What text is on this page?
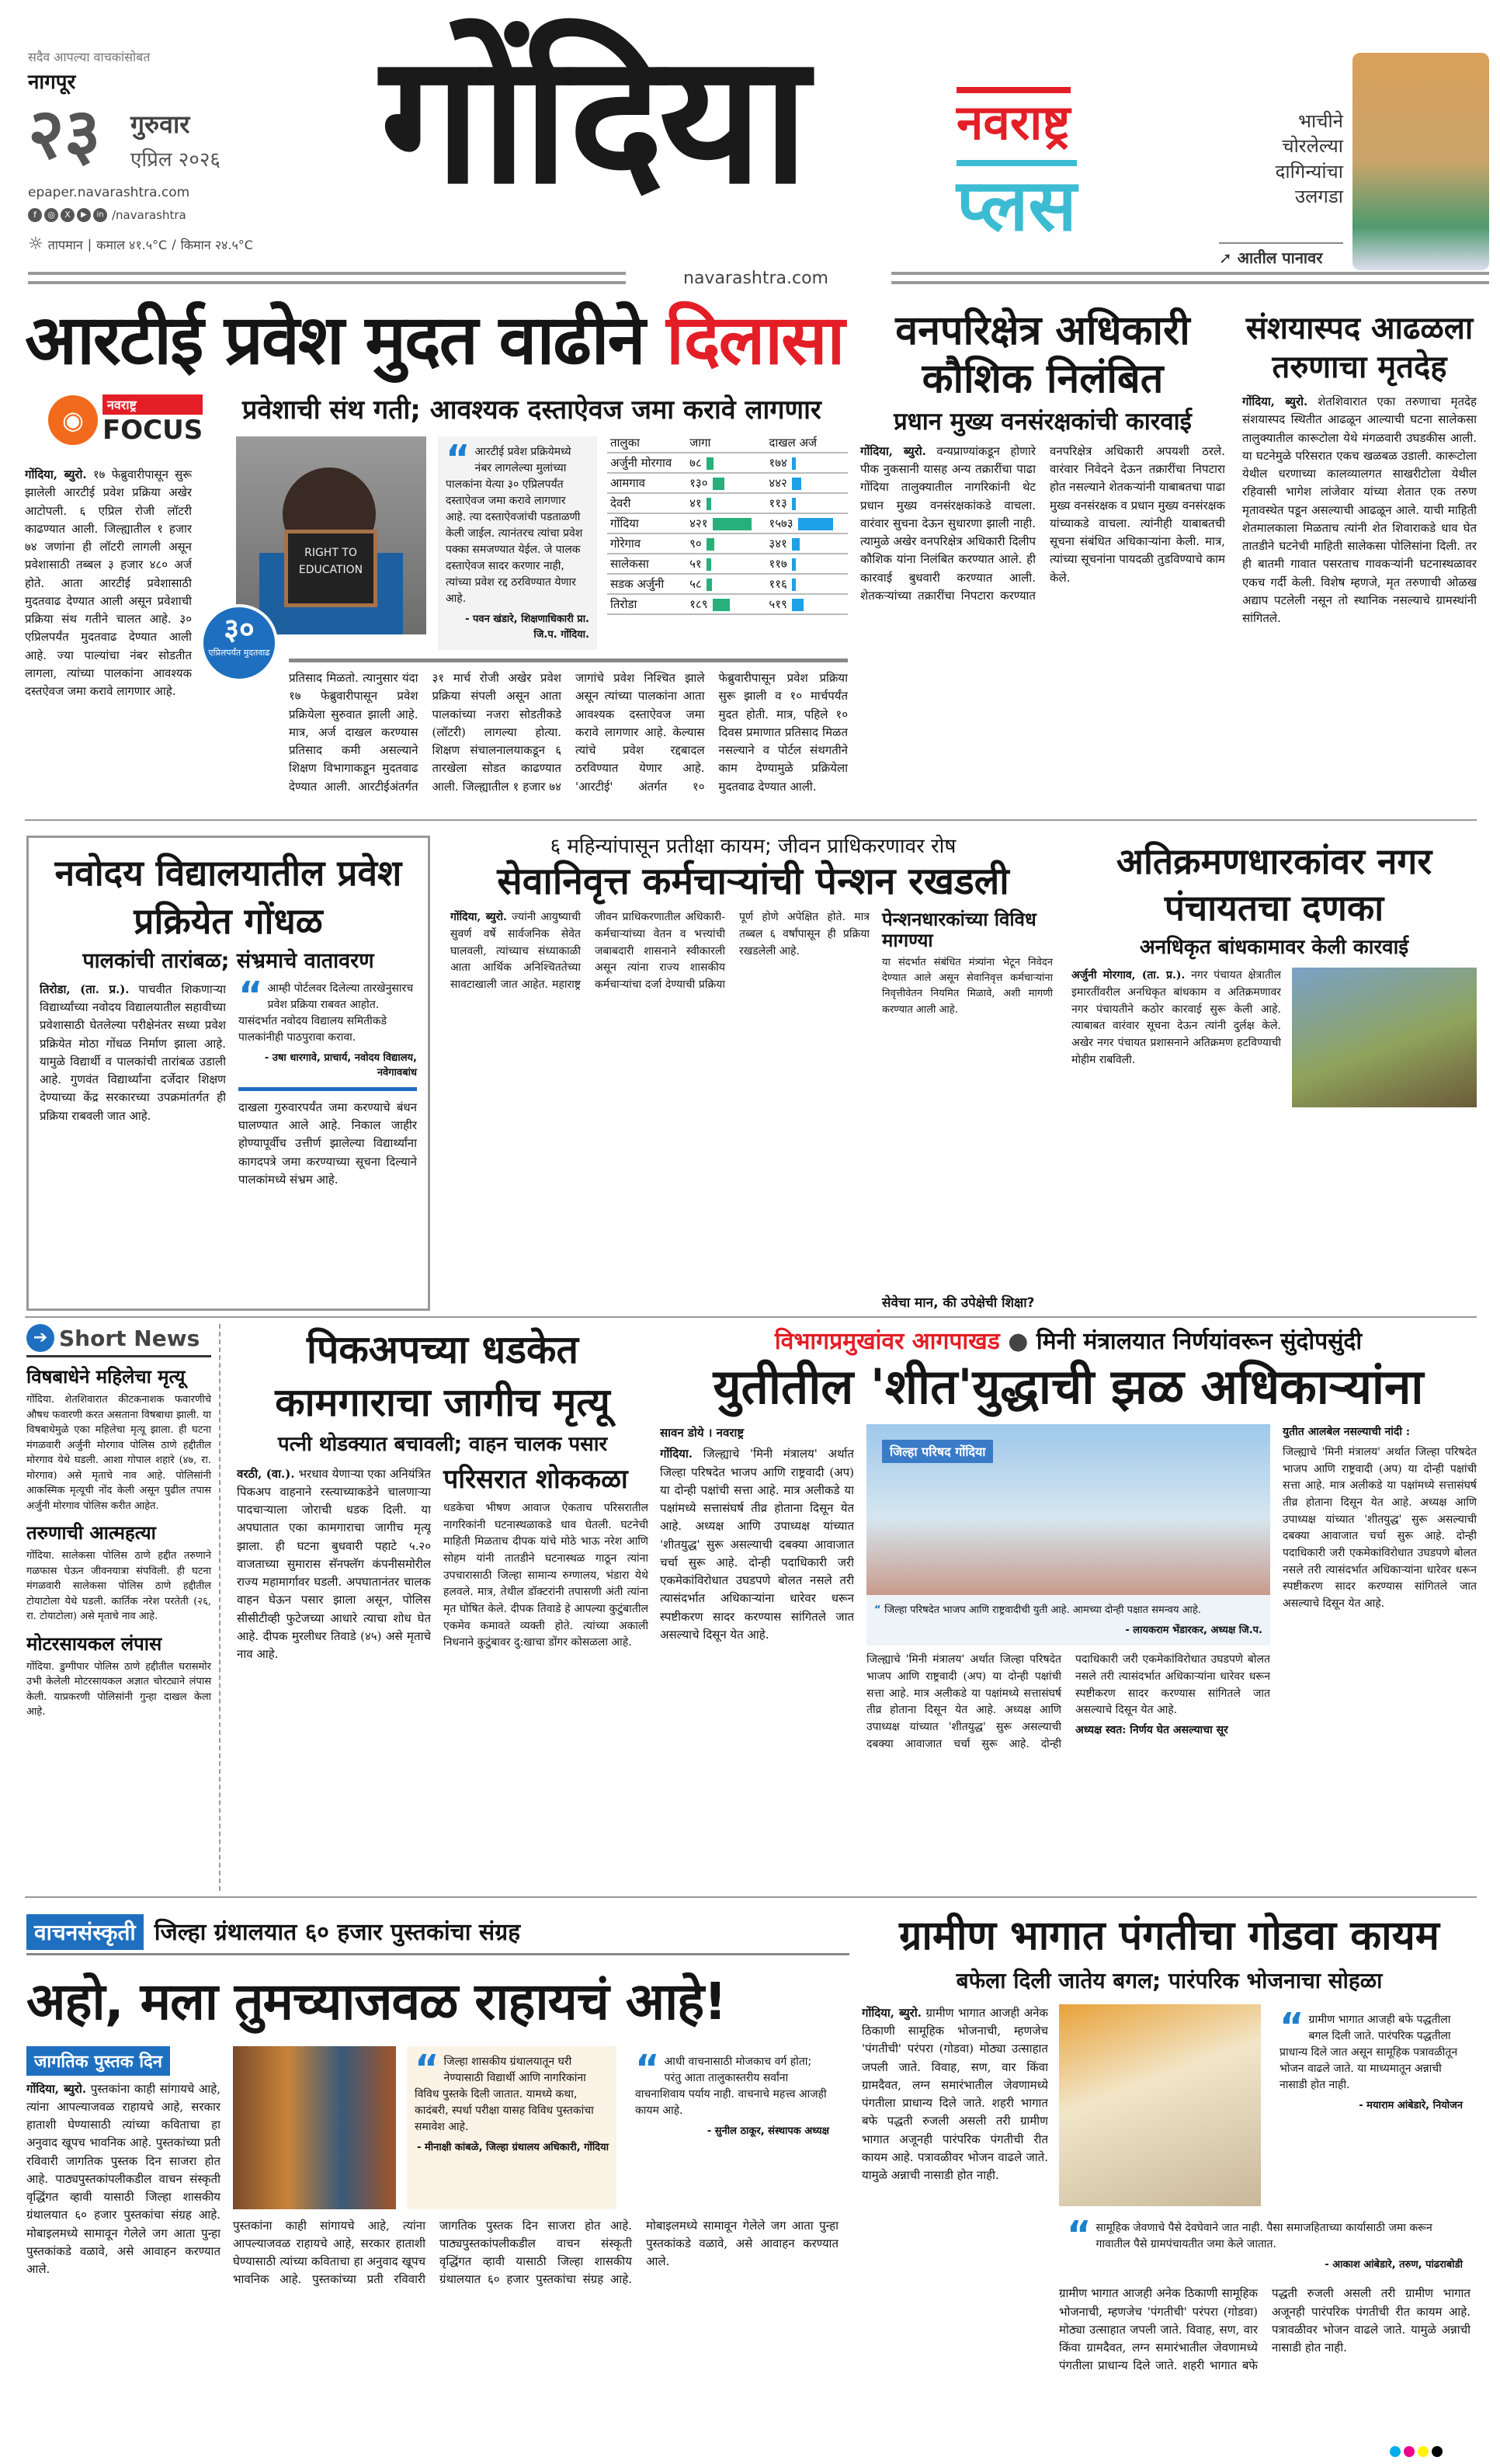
सदैव आपल्या वाचकांसोबत
नागपूर
२३ गुरुवार
एप्रिल २०२६
epaper.navarashtra.com
f	◎	X	▶	in /navarashtra
☼ तापमान | कमाल ४१.५°C / किमान २४.५°C
गोंदिया	नवराष्ट्र
प्लस
भाचीने चोरलेल्या दागिन्यांचा उलगडा
➚ आतील पानावर
navarashtra.com
आरटीई प्रवेश मुदत वाढीने दिलासा
◉
नवराष्ट्र
FOCUS
प्रवेशाची संथ गती; आवश्यक दस्ताऐवज जमा करावे लागणार
RIGHT TO EDUCATION
३०
एप्रिलपर्यंत मुदतवाढ
“ आरटीई प्रवेश प्रक्रियेमध्ये नंबर लागलेल्या मुलांच्या पालकांना येत्या ३० एप्रिलपर्यंत दस्ताऐवज जमा करावे लागणार आहे. त्या दस्ताऐवजांची पडताळणी केली जाईल. त्यानंतरच त्यांचा प्रवेश पक्का समजण्यात येईल. जे पालक दस्ताऐवज सादर करणार नाही, त्यांच्या प्रवेश रद्द ठरविण्यात येणार आहे.
- पवन खंडारे, शिक्षणाधिकारी प्रा. जि.प. गोंदिया.
तालुका	जागा	दाखल अर्ज
अर्जुनी मोरगाव	७८	१७४
आमगाव	१३०	४४२
देवरी	४१	११३
गोंदिया	४२१	१५७३
गोरेगाव	९०	३४१
सालेकसा	५१	११७
सडक अर्जुनी	५८	११६
तिरोडा	१८९	५१९

गोंदिया, ब्युरो. १७ फेब्रुवारीपासून सुरू झालेली आरटीई प्रवेश प्रक्रिया अखेर आटोपली. ६ एप्रिल रोजी लॉटरी काढण्यात आली. जिल्ह्यातील १ हजार ७४ जणांना ही लॉटरी लागली असून प्रवेशासाठी तब्बल ३ हजार ४८० अर्ज होते. आता आरटीई प्रवेशासाठी मुदतवाढ देण्यात आली असून प्रवेशाची प्रक्रिया संथ गतीने चालत आहे. ३० एप्रिलपर्यंत मुदतवाढ देण्यात आली आहे. ज्या पाल्यांचा नंबर सोडतीत लागला, त्यांच्या पालकांना आवश्यक दस्तऐवज जमा करावे लागणार आहे.

प्रतिसाद मिळतो. त्यानुसार यंदा १७ फेब्रुवारीपासून प्रवेश प्रक्रियेला सुरुवात झाली आहे. मात्र, अर्ज दाखल करण्यास प्रतिसाद कमी असल्याने शिक्षण विभागाकडून मुदतवाढ देण्यात आली. आरटीईअंतर्गत ३१ मार्च रोजी अखेर प्रवेश प्रक्रिया संपली असून आता पालकांच्या नजरा सोडतीकडे (लॉटरी) लागल्या होत्या. शिक्षण संचालनालयाकडून ६ तारखेला सोडत काढण्यात आली. जिल्ह्यातील १ हजार ७४ जागांचे प्रवेश निश्चित झाले असून त्यांच्या पालकांना आता आवश्यक दस्ताऐवज जमा करावे लागणार आहे. केल्यास त्यांचे प्रवेश रद्दबादल ठरविण्यात येणार आहे. 'आरटीई' अंतर्गत १० फेब्रुवारीपासून प्रवेश प्रक्रिया सुरू झाली व १० मार्चपर्यंत मुदत होती. मात्र, पहिले १० दिवस प्रमाणात प्रतिसाद मिळत नसल्याने व पोर्टल संथगतीने काम देण्यामुळे प्रक्रियेला मुदतवाढ देण्यात आली.

वनपरिक्षेत्र अधिकारी कौशिक निलंबित
प्रधान मुख्य वनसंरक्षकांची कारवाई

गोंदिया, ब्युरो. वन्यप्राण्यांकडून होणारे पीक नुकसानी यासह अन्य तक्रारींचा पाढा गोंदिया तालुक्यातील नागरिकांनी थेट प्रधान मुख्य वनसंरक्षकांकडे वाचला. वारंवार सुचना देऊन सुधारणा झाली नाही. त्यामुळे अखेर वनपरिक्षेत्र अधिकारी दिलीप कौशिक यांना निलंबित करण्यात आले. ही कारवाई बुधवारी करण्यात आली. शेतकऱ्यांच्या तक्रारींचा निपटारा करण्यात वनपरिक्षेत्र अधिकारी अपयशी ठरले. वारंवार निवेदने देऊन तक्रारींचा निपटारा होत नसल्याने शेतकऱ्यांनी याबाबतचा पाढा मुख्य वनसंरक्षक व प्रधान मुख्य वनसंरक्षक यांच्याकडे वाचला. त्यांनीही याबाबतची सूचना संबंधित अधिकाऱ्यांना केली. मात्र, त्यांच्या सूचनांना पायदळी तुडविण्याचे काम केले.

संशयास्पद आढळला तरुणाचा मृतदेह

गोंदिया, ब्युरो. शेतशिवारात एका तरुणाचा मृतदेह संशयास्पद स्थितीत आढळून आल्याची घटना सालेकसा तालुक्यातील कारूटोला येथे मंगळवारी उघडकीस आली. या घटनेमुळे परिसरात एकच खळबळ उडाली. कारूटोला येथील धरणाच्या कालव्यालगत साखरीटोला येथील रहिवासी भागेश लांजेवार यांच्या शेतात एक तरुण मृतावस्थेत पडून असल्याची आढळून आले. याची माहिती शेतमालकाला मिळताच त्यांनी शेत शिवाराकडे धाव घेत तातडीने घटनेची माहिती सालेकसा पोलिसांना दिली. तर ही बातमी गावात पसरताच गावकऱ्यांनी घटनास्थळावर एकच गर्दी केली. विशेष म्हणजे, मृत तरुणाची ओळख अद्याप पटलेली नसून तो स्थानिक नसल्याचे ग्रामस्थांनी सांगितले.

नवोदय विद्यालयातील प्रवेश प्रक्रियेत गोंधळ
पालकांची तारांबळ; संभ्रमाचे वातावरण

तिरोडा, (ता. प्र.). पाचवीत शिकणाऱ्या विद्यार्थ्यांच्या नवोदय विद्यालयातील सहावीच्या प्रवेशासाठी घेतलेल्या परीक्षेनंतर सध्या प्रवेश प्रक्रियेत मोठा गोंधळ निर्माण झाला आहे. यामुळे विद्यार्थी व पालकांची तारांबळ उडाली आहे. गुणवंत विद्यार्थ्यांना दर्जेदार शिक्षण देण्याच्या केंद्र सरकारच्या उपक्रमांतर्गत ही प्रक्रिया राबवली जात आहे.

“ आम्ही पोर्टलवर दिलेल्या तारखेनुसारच प्रवेश प्रक्रिया राबवत आहोत. यासंदर्भात नवोदय विद्यालय समितीकडे पालकांनीही पाठपुरावा करावा.
- उषा धारगावे, प्राचार्य, नवोदय विद्यालय, नवेगावबांध
दाखला गुरुवारपर्यंत जमा करण्याचे बंधन घालण्यात आले आहे. निकाल जाहीर होण्यापूर्वीच उत्तीर्ण झालेल्या विद्यार्थ्यांना कागदपत्रे जमा करण्याच्या सूचना दिल्याने पालकांमध्ये संभ्रम आहे.
६ महिन्यांपासून प्रतीक्षा कायम; जीवन प्राधिकरणावर रोष
सेवानिवृत्त कर्मचाऱ्यांची पेन्शन रखडली

गोंदिया, ब्युरो. ज्यांनी आयुष्याची सुवर्ण वर्षे सार्वजनिक सेवेत घालवली, त्यांच्याच संध्याकाळी आता आर्थिक अनिश्चिततेच्या सावटाखाली जात आहेत. महाराष्ट्र जीवन प्राधिकरणातील अधिकारी-कर्मचाऱ्यांच्या वेतन व भत्त्यांची जबाबदारी शासनाने स्वीकारली असून त्यांना राज्य शासकीय कर्मचाऱ्यांचा दर्जा देण्याची प्रक्रिया पूर्ण होणे अपेक्षित होते. मात्र तब्बल ६ वर्षांपासून ही प्रक्रिया रखडलेली आहे.

पेन्शनधारकांच्या विविध मागण्या
या संदर्भात संबंधित मंत्र्यांना भेटून निवेदन देण्यात आले असून सेवानिवृत्त कर्मचाऱ्यांना निवृत्तीवेतन नियमित मिळावे, अशी मागणी करण्यात आली आहे.
सेवेचा मान, की उपेक्षेची शिक्षा?
अतिक्रमणधारकांवर नगर पंचायतचा दणका
अनधिकृत बांधकामावर केली कारवाई

अर्जुनी मोरगाव, (ता. प्र.). नगर पंचायत क्षेत्रातील इमारतींवरील अनधिकृत बांधकाम व अतिक्रमणावर नगर पंचायतीने कठोर कारवाई सुरू केली आहे. त्याबाबत वारंवार सूचना देऊन त्यांनी दुर्लक्ष केले. अखेर नगर पंचायत प्रशासनाने अतिक्रमण हटविण्याची मोहीम राबविली.

➔ Short News
विषबाधेने महिलेचा मृत्यू
गोंदिया. शेतशिवारात कीटकनाशक फवारणीचे औषध फवारणी करत असताना विषबाधा झाली. या विषबाधेमुळे एका महिलेचा मृत्यू झाला. ही घटना मंगळवारी अर्जुनी मोरगाव पोलिस ठाणे हद्दीतील मोरगाव येथे घडली. आशा गोपाल शहारे (४७, रा. मोरगाव) असे मृताचे नाव आहे. पोलिसांनी आकस्मिक मृत्यूची नोंद केली असून पुढील तपास अर्जुनी मोरगाव पोलिस करीत आहेत.
तरुणाची आत्महत्या
गोंदिया. सालेकसा पोलिस ठाणे हद्दीत तरुणाने गळफास घेऊन जीवनयात्रा संपविली. ही घटना मंगळवारी सालेकसा पोलिस ठाणे हद्दीतील टोयाटोला येथे घडली. कार्तिक नरेश परतेती (२६, रा. टोयाटोला) असे मृताचे नाव आहे.
मोटरसायकल लंपास
गोंदिया. डुग्गीपार पोलिस ठाणे हद्दीतील घरासमोर उभी केलेली मोटरसायकल अज्ञात चोरट्याने लंपास केली. याप्रकरणी पोलिसांनी गुन्हा दाखल केला आहे.
पिकअपच्या धडकेत कामगाराचा जागीच मृत्यू
पत्नी थोडक्यात बचावली; वाहन चालक पसार

वरठी, (वा.). भरधाव येणाऱ्या एका अनियंत्रित पिकअप वाहनाने रस्त्याच्याकडेने चालणाऱ्या पादचाऱ्याला जोराची धडक दिली. या अपघातात एका कामगाराचा जागीच मृत्यू झाला. ही घटना बुधवारी पहाटे ५.२० वाजताच्या सुमारास सॅनफ्लॅग कंपनीसमोरील राज्य महामार्गावर घडली. अपघातानंतर चालक वाहन घेऊन पसार झाला असून, पोलिस सीसीटीव्ही फुटेजच्या आधारे त्याचा शोध घेत आहे. दीपक मुरलीधर तिवाडे (४५) असे मृताचे नाव आहे.

परिसरात शोककळा
धडकेचा भीषण आवाज ऐकताच परिसरातील नागरिकांनी घटनास्थळाकडे धाव घेतली. घटनेची माहिती मिळताच दीपक यांचे मोठे भाऊ नरेश आणि सोहम यांनी तातडीने घटनास्थळ गाठून त्यांना उपचारासाठी जिल्हा सामान्य रुग्णालय, भंडारा येथे हलवले. मात्र, तेथील डॉक्टरांनी तपासणी अंती त्यांना मृत घोषित केले. दीपक तिवाडे हे आपल्या कुटुंबातील एकमेव कमावते व्यक्ती होते. त्यांच्या अकाली निधनाने कुटुंबावर दु:खाचा डोंगर कोसळला आहे.
विभागप्रमुखांवर आगपाखड ● मिनी मंत्रालयात निर्णयांवरून सुंदोपसुंदी
युतीतील 'शीत'युद्धाची झळ अधिकाऱ्यांना

सावन डोये । नवराष्ट्र

गोंदिया. जिल्ह्याचे 'मिनी मंत्रालय' अर्थात जिल्हा परिषदेत भाजप आणि राष्ट्रवादी (अप) या दोन्ही पक्षांची सत्ता आहे. मात्र अलीकडे या पक्षांमध्ये सत्तासंघर्ष तीव्र होताना दिसून येत आहे. अध्यक्ष आणि उपाध्यक्ष यांच्यात 'शीतयुद्ध' सुरू असल्याची दबक्या आवाजात चर्चा सुरू आहे. दोन्ही पदाधिकारी जरी एकमेकांविरोधात उघडपणे बोलत नसले तरी त्यासंदर्भात अधिकाऱ्यांना धारेवर धरून स्पष्टीकरण सादर करण्यास सांगितले जात असल्याचे दिसून येत आहे.

जिल्हा परिषद गोंदिया
“ जिल्हा परिषदेत भाजप आणि राष्ट्रवादीची युती आहे. आमच्या दोन्ही पक्षात समन्वय आहे.
- लायकराम भेंडारकर, अध्यक्ष जि.प.

जिल्ह्याचे 'मिनी मंत्रालय' अर्थात जिल्हा परिषदेत भाजप आणि राष्ट्रवादी (अप) या दोन्ही पक्षांची सत्ता आहे. मात्र अलीकडे या पक्षांमध्ये सत्तासंघर्ष तीव्र होताना दिसून येत आहे. अध्यक्ष आणि उपाध्यक्ष यांच्यात 'शीतयुद्ध' सुरू असल्याची दबक्या आवाजात चर्चा सुरू आहे. दोन्ही पदाधिकारी जरी एकमेकांविरोधात उघडपणे बोलत नसले तरी त्यासंदर्भात अधिकाऱ्यांना धारेवर धरून स्पष्टीकरण सादर करण्यास सांगितले जात असल्याचे दिसून येत आहे.

अध्यक्ष स्वत: निर्णय घेत असल्याचा सूर

युतीत आलबेल नसल्याची नांदी :

जिल्ह्याचे 'मिनी मंत्रालय' अर्थात जिल्हा परिषदेत भाजप आणि राष्ट्रवादी (अप) या दोन्ही पक्षांची सत्ता आहे. मात्र अलीकडे या पक्षांमध्ये सत्तासंघर्ष तीव्र होताना दिसून येत आहे. अध्यक्ष आणि उपाध्यक्ष यांच्यात 'शीतयुद्ध' सुरू असल्याची दबक्या आवाजात चर्चा सुरू आहे. दोन्ही पदाधिकारी जरी एकमेकांविरोधात उघडपणे बोलत नसले तरी त्यासंदर्भात अधिकाऱ्यांना धारेवर धरून स्पष्टीकरण सादर करण्यास सांगितले जात असल्याचे दिसून येत आहे.

वाचनसंस्कृती जिल्हा ग्रंथालयात ६० हजार पुस्तकांचा संग्रह
अहो, मला तुमच्याजवळ राहायचं आहे!
जागतिक पुस्तक दिन

गोंदिया, ब्युरो. पुस्तकांना काही सांगायचे आहे, त्यांना आपल्याजवळ राहायचे आहे, सरकार हाताशी घेण्यासाठी त्यांच्या कविताचा हा अनुवाद खूपच भावनिक आहे. पुस्तकांच्या प्रती रविवारी जागतिक पुस्तक दिन साजरा होत आहे. पाठ्यपुस्तकांपलीकडील वाचन संस्कृती वृद्धिंगत व्हावी यासाठी जिल्हा शासकीय ग्रंथालयात ६० हजार पुस्तकांचा संग्रह आहे. मोबाइलमध्ये सामावून गेलेले जग आता पुन्हा पुस्तकांकडे वळावे, असे आवाहन करण्यात आले.

“ जिल्हा शासकीय ग्रंथालयातून घरी नेण्यासाठी विद्यार्थी आणि नागरिकांना विविध पुस्तके दिली जातात. यामध्ये कथा, कादंबरी, स्पर्धा परीक्षा यासह विविध पुस्तकांचा समावेश आहे.
- मीनाक्षी कांबळे, जिल्हा ग्रंथालय अधिकारी, गोंदिया
“ आधी वाचनासाठी मोजकाच वर्ग होता; परंतु आता तालुकास्तरीय सर्वांना वाचनाशिवाय पर्याय नाही. वाचनाचे महत्त्व आजही कायम आहे.
- सुनील ठाकूर, संस्थापक अध्यक्ष

पुस्तकांना काही सांगायचे आहे, त्यांना आपल्याजवळ राहायचे आहे, सरकार हाताशी घेण्यासाठी त्यांच्या कविताचा हा अनुवाद खूपच भावनिक आहे. पुस्तकांच्या प्रती रविवारी जागतिक पुस्तक दिन साजरा होत आहे. पाठ्यपुस्तकांपलीकडील वाचन संस्कृती वृद्धिंगत व्हावी यासाठी जिल्हा शासकीय ग्रंथालयात ६० हजार पुस्तकांचा संग्रह आहे. मोबाइलमध्ये सामावून गेलेले जग आता पुन्हा पुस्तकांकडे वळावे, असे आवाहन करण्यात आले.

ग्रामीण भागात पंगतीचा गोडवा कायम
बफेला दिली जातेय बगल; पारंपरिक भोजनाचा सोहळा

गोंदिया, ब्युरो. ग्रामीण भागात आजही अनेक ठिकाणी सामूहिक भोजनाची, म्हणजेच 'पंगतीची' परंपरा (गोडवा) मोठ्या उत्साहात जपली जाते. विवाह, सण, वार किंवा ग्रामदैवत, लग्न समारंभातील जेवणामध्ये पंगतीला प्राधान्य दिले जाते. शहरी भागात बफे पद्धती रुजली असली तरी ग्रामीण भागात अजूनही पारंपरिक पंगतीची रीत कायम आहे. पत्रावळीवर भोजन वाढले जाते. यामुळे अन्नाची नासाडी होत नाही.

“ ग्रामीण भागात आजही बफे पद्धतीला बगल दिली जाते. पारंपरिक पद्धतीला प्राधान्य दिले जात असून सामूहिक पत्रावळीतून भोजन वाढले जाते. या माध्यमातून अन्नाची नासाडी होत नाही.
- मयाराम आंबेडारे, नियोजन
“ सामूहिक जेवणाचे पैसे देवघेवाने जात नाही. पैसा समाजहिताच्या कार्यासाठी जमा करून गावातील पैसे ग्रामपंचायतीत जमा केले जातात.
- आकाश आंबेडारे, तरुण, पांढराबोडी

ग्रामीण भागात आजही अनेक ठिकाणी सामूहिक भोजनाची, म्हणजेच 'पंगतीची' परंपरा (गोडवा) मोठ्या उत्साहात जपली जाते. विवाह, सण, वार किंवा ग्रामदैवत, लग्न समारंभातील जेवणामध्ये पंगतीला प्राधान्य दिले जाते. शहरी भागात बफे पद्धती रुजली असली तरी ग्रामीण भागात अजूनही पारंपरिक पंगतीची रीत कायम आहे. पत्रावळीवर भोजन वाढले जाते. यामुळे अन्नाची नासाडी होत नाही.
